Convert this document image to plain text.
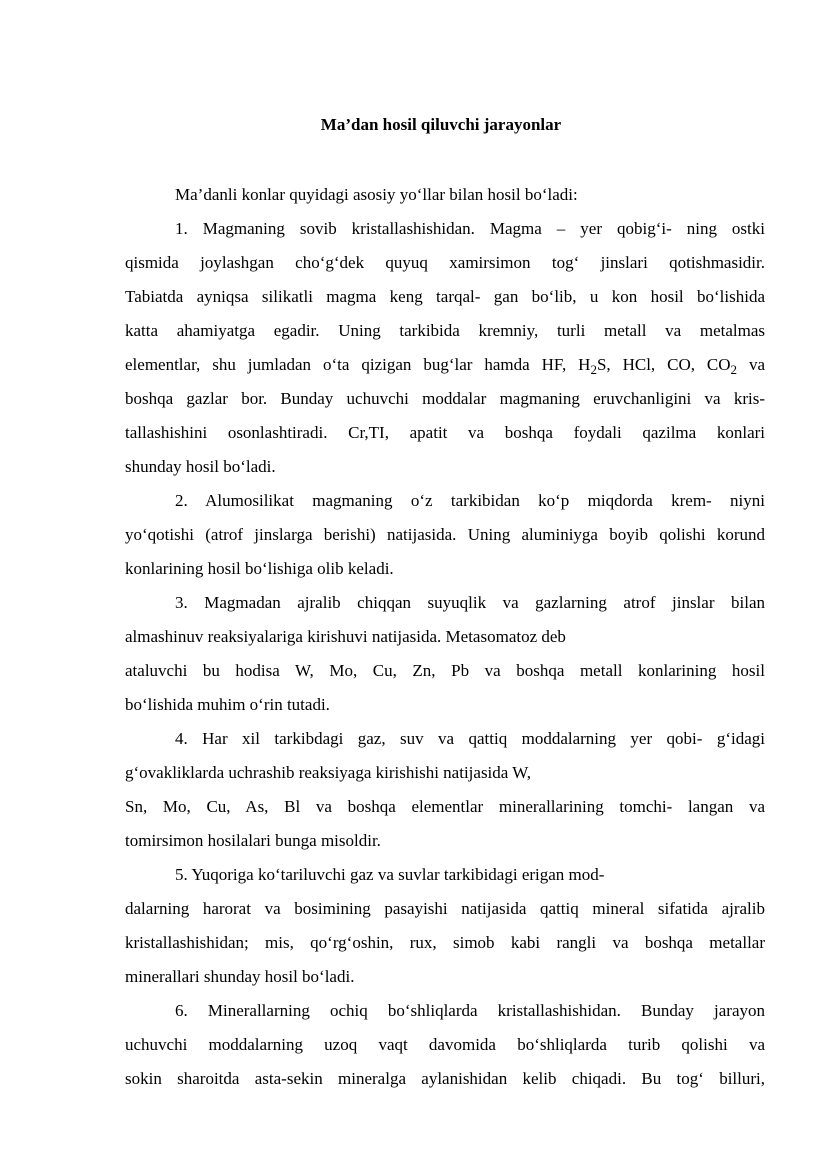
Ma’dan hosil qiluvchi jarayonlar
Ma’danli konlar quyidagi asosiy yo‘llar bilan hosil bo‘ladi:
1. Magmaning sovib kristallashishidan. Magma – yer qobig‘i- ning ostki
qismida joylashgan cho‘g‘dek quyuq xamirsimon tog‘ jinslari qotishmasidir.
Tabiatda ayniqsa silikatli magma keng tarqal- gan bo‘lib, u kon hosil bo‘lishida
katta ahamiyatga egadir. Uning tarkibida kremniy, turli metall va metalmas
elementlar, shu jumladan o‘ta qizigan bug‘lar hamda HF, $H_2S$, HCl, CO, $CO_2$ va
boshqa gazlar bor. Bunday uchuvchi moddalar magmaning eruvchanligini va kris-
tallashishini osonlashtiradi. Cr,TI, apatit va boshqa foydali qazilma konlari
shunday hosil bo‘ladi.
2. Alumosilikat magmaning o‘z tarkibidan ko‘p miqdorda krem- niyni
yo‘qotishi (atrof jinslarga berishi) natijasida. Uning aluminiyga boyib qolishi korund
konlarining hosil bo‘lishiga olib keladi.
3. Magmadan ajralib chiqqan suyuqlik va gazlarning atrof jinslar bilan
almashinuv reaksiyalariga kirishuvi natijasida. Metasomatoz deb
ataluvchi bu hodisa W, Mo, Cu, Zn, Pb va boshqa metall konlarining hosil
bo‘lishida muhim o‘rin tutadi.
4. Har xil tarkibdagi gaz, suv va qattiq moddalarning yer qobi- g‘idagi
g‘ovakliklarda uchrashib reaksiyaga kirishishi natijasida W,
Sn, Mo, Cu, As, Bl va boshqa elementlar minerallarining tomchi- langan va
tomirsimon hosilalari bunga misoldir.
5. Yuqoriga ko‘tariluvchi gaz va suvlar tarkibidagi erigan mod-
dalarning harorat va bosimining pasayishi natijasida qattiq mineral sifatida ajralib
kristallashishidan; mis, qo‘rg‘oshin, rux, simob kabi rangli va boshqa metallar
minerallari shunday hosil bo‘ladi.
6. Minerallarning ochiq bo‘shliqlarda kristallashishidan. Bunday jarayon
uchuvchi moddalarning uzoq vaqt davomida bo‘shliqlarda turib qolishi va
sokin sharoitda asta-sekin mineralga aylanishidan kelib chiqadi. Bu tog‘ billuri,
